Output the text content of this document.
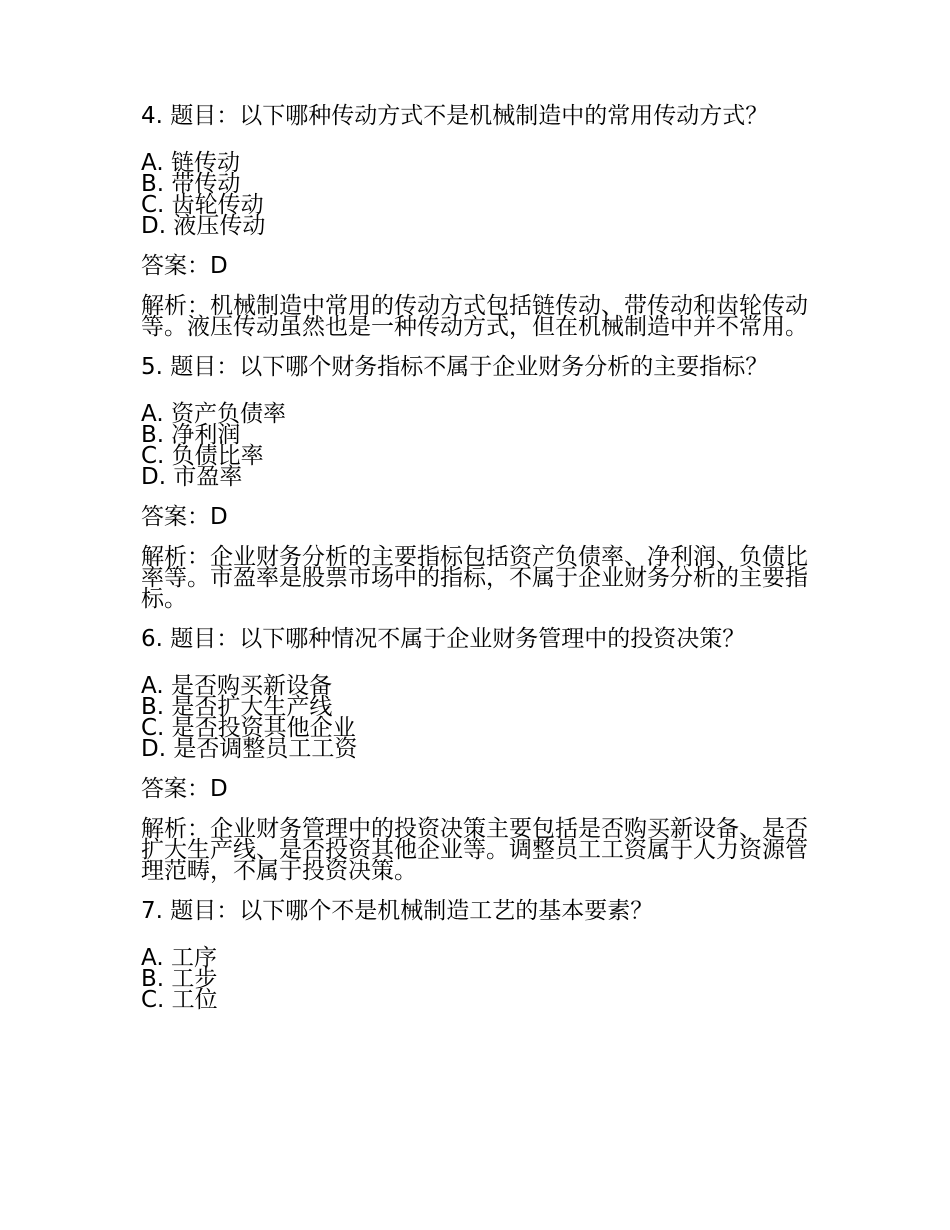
4. 题目：以下哪种传动方式不是机械制造中的常用传动方式？

A. 链传动
B. 带传动
C. 齿轮传动
D. 液压传动

答案：D

解析：机械制造中常用的传动方式包括链传动、带传动和齿轮传动等。液压传动虽然也是一种传动方式，但在机械制造中并不常用。

5. 题目：以下哪个财务指标不属于企业财务分析的主要指标？

A. 资产负债率
B. 净利润
C. 负债比率
D. 市盈率

答案：D

解析：企业财务分析的主要指标包括资产负债率、净利润、负债比率等。市盈率是股票市场中的指标，不属于企业财务分析的主要指标。

6. 题目：以下哪种情况不属于企业财务管理中的投资决策？

A. 是否购买新设备
B. 是否扩大生产线
C. 是否投资其他企业
D. 是否调整员工工资

答案：D

解析：企业财务管理中的投资决策主要包括是否购买新设备、是否扩大生产线、是否投资其他企业等。调整员工工资属于人力资源管理范畴，不属于投资决策。

7. 题目：以下哪个不是机械制造工艺的基本要素？

A. 工序
B. 工步
C. 工位
